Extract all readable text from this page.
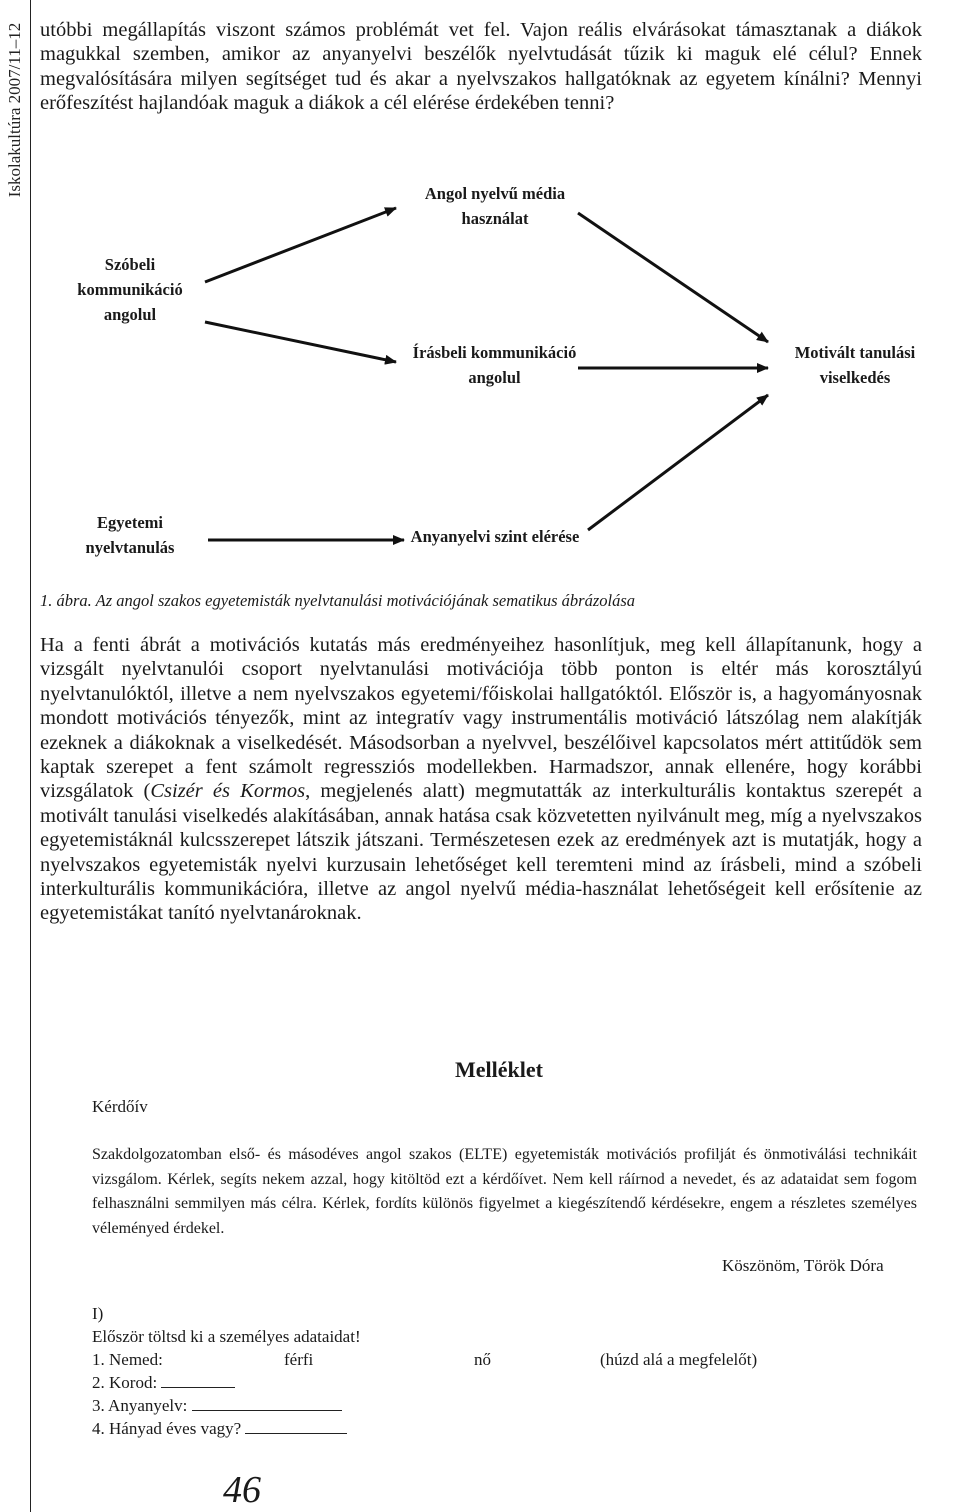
Iskolakultúra 2007/11–12 utóbbi megállapítás viszont számos problémát vet fel. Vajon reális elvárásokat támasztanak a diákok magukkal szemben, amikor az anyanyelvi beszélők nyelvtudását tűzik ki maguk elé célul? Ennek megvalósítására milyen segítséget tud és akar a nyelvszakos hallgatóknak az egyetem kínálni? Mennyi erőfeszítést hajlandóak maguk a diákok a cél elérése érdekében tenni?

Angol nyelvű média használat
Szóbeli kommunikáció angolul
Írásbeli kommunikáció angolul
Motivált tanulási viselkedés
Egyetemi nyelvtanulás
Anyanyelvi szint elérése
1. ábra. Az angol szakos egyetemisták nyelvtanulási motivációjának sematikus ábrázolása

Ha a fenti ábrát a motivációs kutatás más eredményeihez hasonlítjuk, meg kell állapítanunk, hogy a vizsgált nyelvtanulói csoport nyelvtanulási motivációja több ponton is eltér más korosztályú nyelvtanulóktól, illetve a nem nyelvszakos egyetemi/főiskolai hallgatóktól. Először is, a hagyományosnak mondott motivációs tényezők, mint az integratív vagy instrumentális motiváció látszólag nem alakítják ezeknek a diákoknak a viselkedését. Másodsorban a nyelvvel, beszélőivel kapcsolatos mért attitűdök sem kaptak szerepet a fent számolt regressziós modellekben. Harmadszor, annak ellenére, hogy korábbi vizsgálatok (Csizér és Kormos, megjelenés alatt) megmutatták az interkulturális kontaktus szerepét a motivált tanulási viselkedés alakításában, annak hatása csak közvetetten nyilvánult meg, míg a nyelvszakos egyetemistáknál kulcsszerepet látszik játszani. Természetesen ezek az eredmények azt is mutatják, hogy a nyelvszakos egyetemisták nyelvi kurzusain lehetőséget kell teremteni mind az írásbeli, mind a szóbeli interkulturális kommunikációra, illetve az angol nyelvű média-használat lehetőségeit kell erősítenie az egyetemistákat tanító nyelvtanároknak.

Melléklet
Kérdőív

Szakdolgozatomban első- és másodéves angol szakos (ELTE) egyetemisták motivációs profilját és önmotiválási technikáit vizsgálom. Kérlek, segíts nekem azzal, hogy kitöltöd ezt a kérdőívet. Nem kell ráírnod a nevedet, és az adataidat sem fogom felhasználni semmilyen más célra. Kérlek, fordíts különös figyelmet a kiegészítendő kérdésekre, engem a részletes személyes véleményed érdekel.

Köszönöm, Török Dóra
I)
Először töltsd ki a személyes adataidat!
1. Nemed:	férfi	nő	(húzd alá a megfelelőt)
2. Korod:
3. Anyanyelv:
4. Hányad éves vagy?
46
